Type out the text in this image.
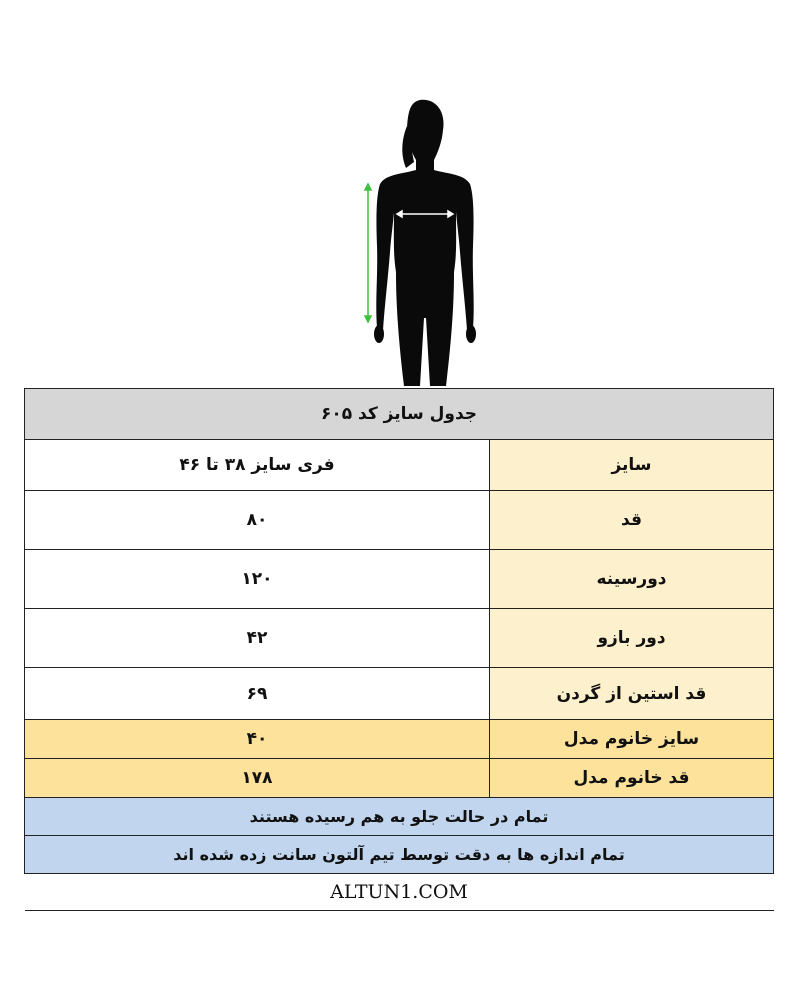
جدول سایز کد ۶۰۵	
فری سایز ۳۸ تا ۴۶	سایز
۸۰	قد
۱۲۰	دورسینه
۴۲	دور بازو
۶۹	قد استین از گردن
۴۰	سایز خانوم مدل
۱۷۸	قد خانوم مدل
تمام در حالت جلو به هم رسیده هستند	
تمام اندازه ها به دقت توسط تیم آلتون سانت زده شده اند	
ALTUN1.COM	
